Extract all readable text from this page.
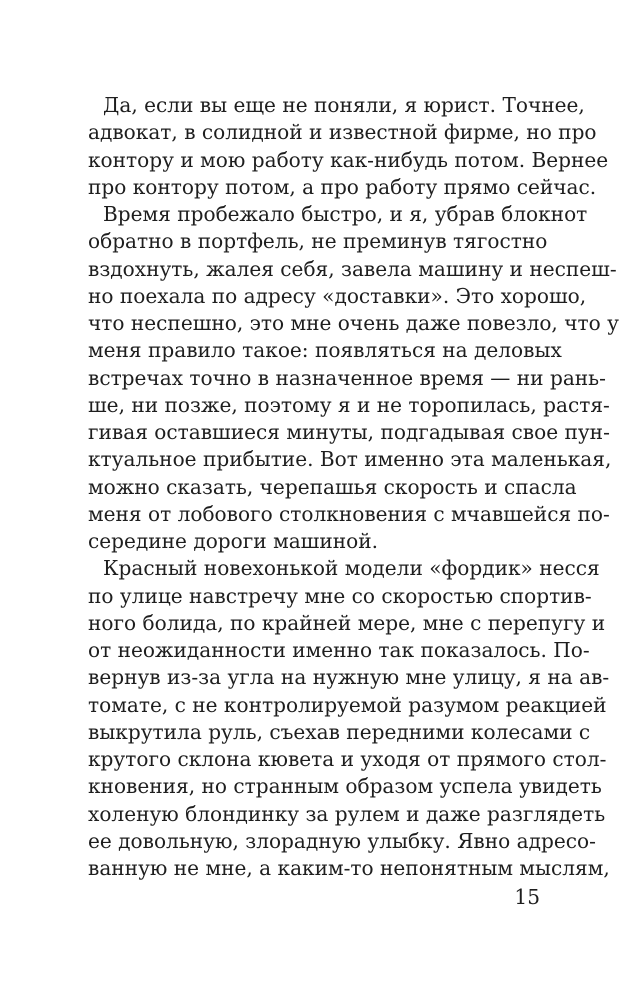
Да, если вы еще не поняли, я юрист. Точнее,
адвокат, в солидной и известной фирме, но про
контору и мою работу как-нибудь потом. Вернее
про контору потом, а про работу прямо сейчас.
Время пробежало быстро, и я, убрав блокнот
обратно в портфель, не преминув тягостно
вздохнуть, жалея себя, завела машину и неспеш-
но поехала по адресу «доставки». Это хорошо,
что неспешно, это мне очень даже повезло, что у
меня правило такое: появляться на деловых
встречах точно в назначенное время — ни рань-
ше, ни позже, поэтому я и не торопилась, растя-
гивая оставшиеся минуты, подгадывая свое пун-
ктуальное прибытие. Вот именно эта маленькая,
можно сказать, черепашья скорость и спасла
меня от лобового столкновения с мчавшейся по-
середине дороги машиной.
Красный новехонькой модели «фордик» несся
по улице навстречу мне со скоростью спортив-
ного болида, по крайней мере, мне с перепугу и
от неожиданности именно так показалось. По-
вернув из-за угла на нужную мне улицу, я на ав-
томате, с не контролируемой разумом реакцией
выкрутила руль, съехав передними колесами с
крутого склона кювета и уходя от прямого стол-
кновения, но странным образом успела увидеть
холеную блондинку за рулем и даже разглядеть
ее довольную, злорадную улыбку. Явно адресо-
ванную не мне, а каким-то непонятным мыслям,
15
